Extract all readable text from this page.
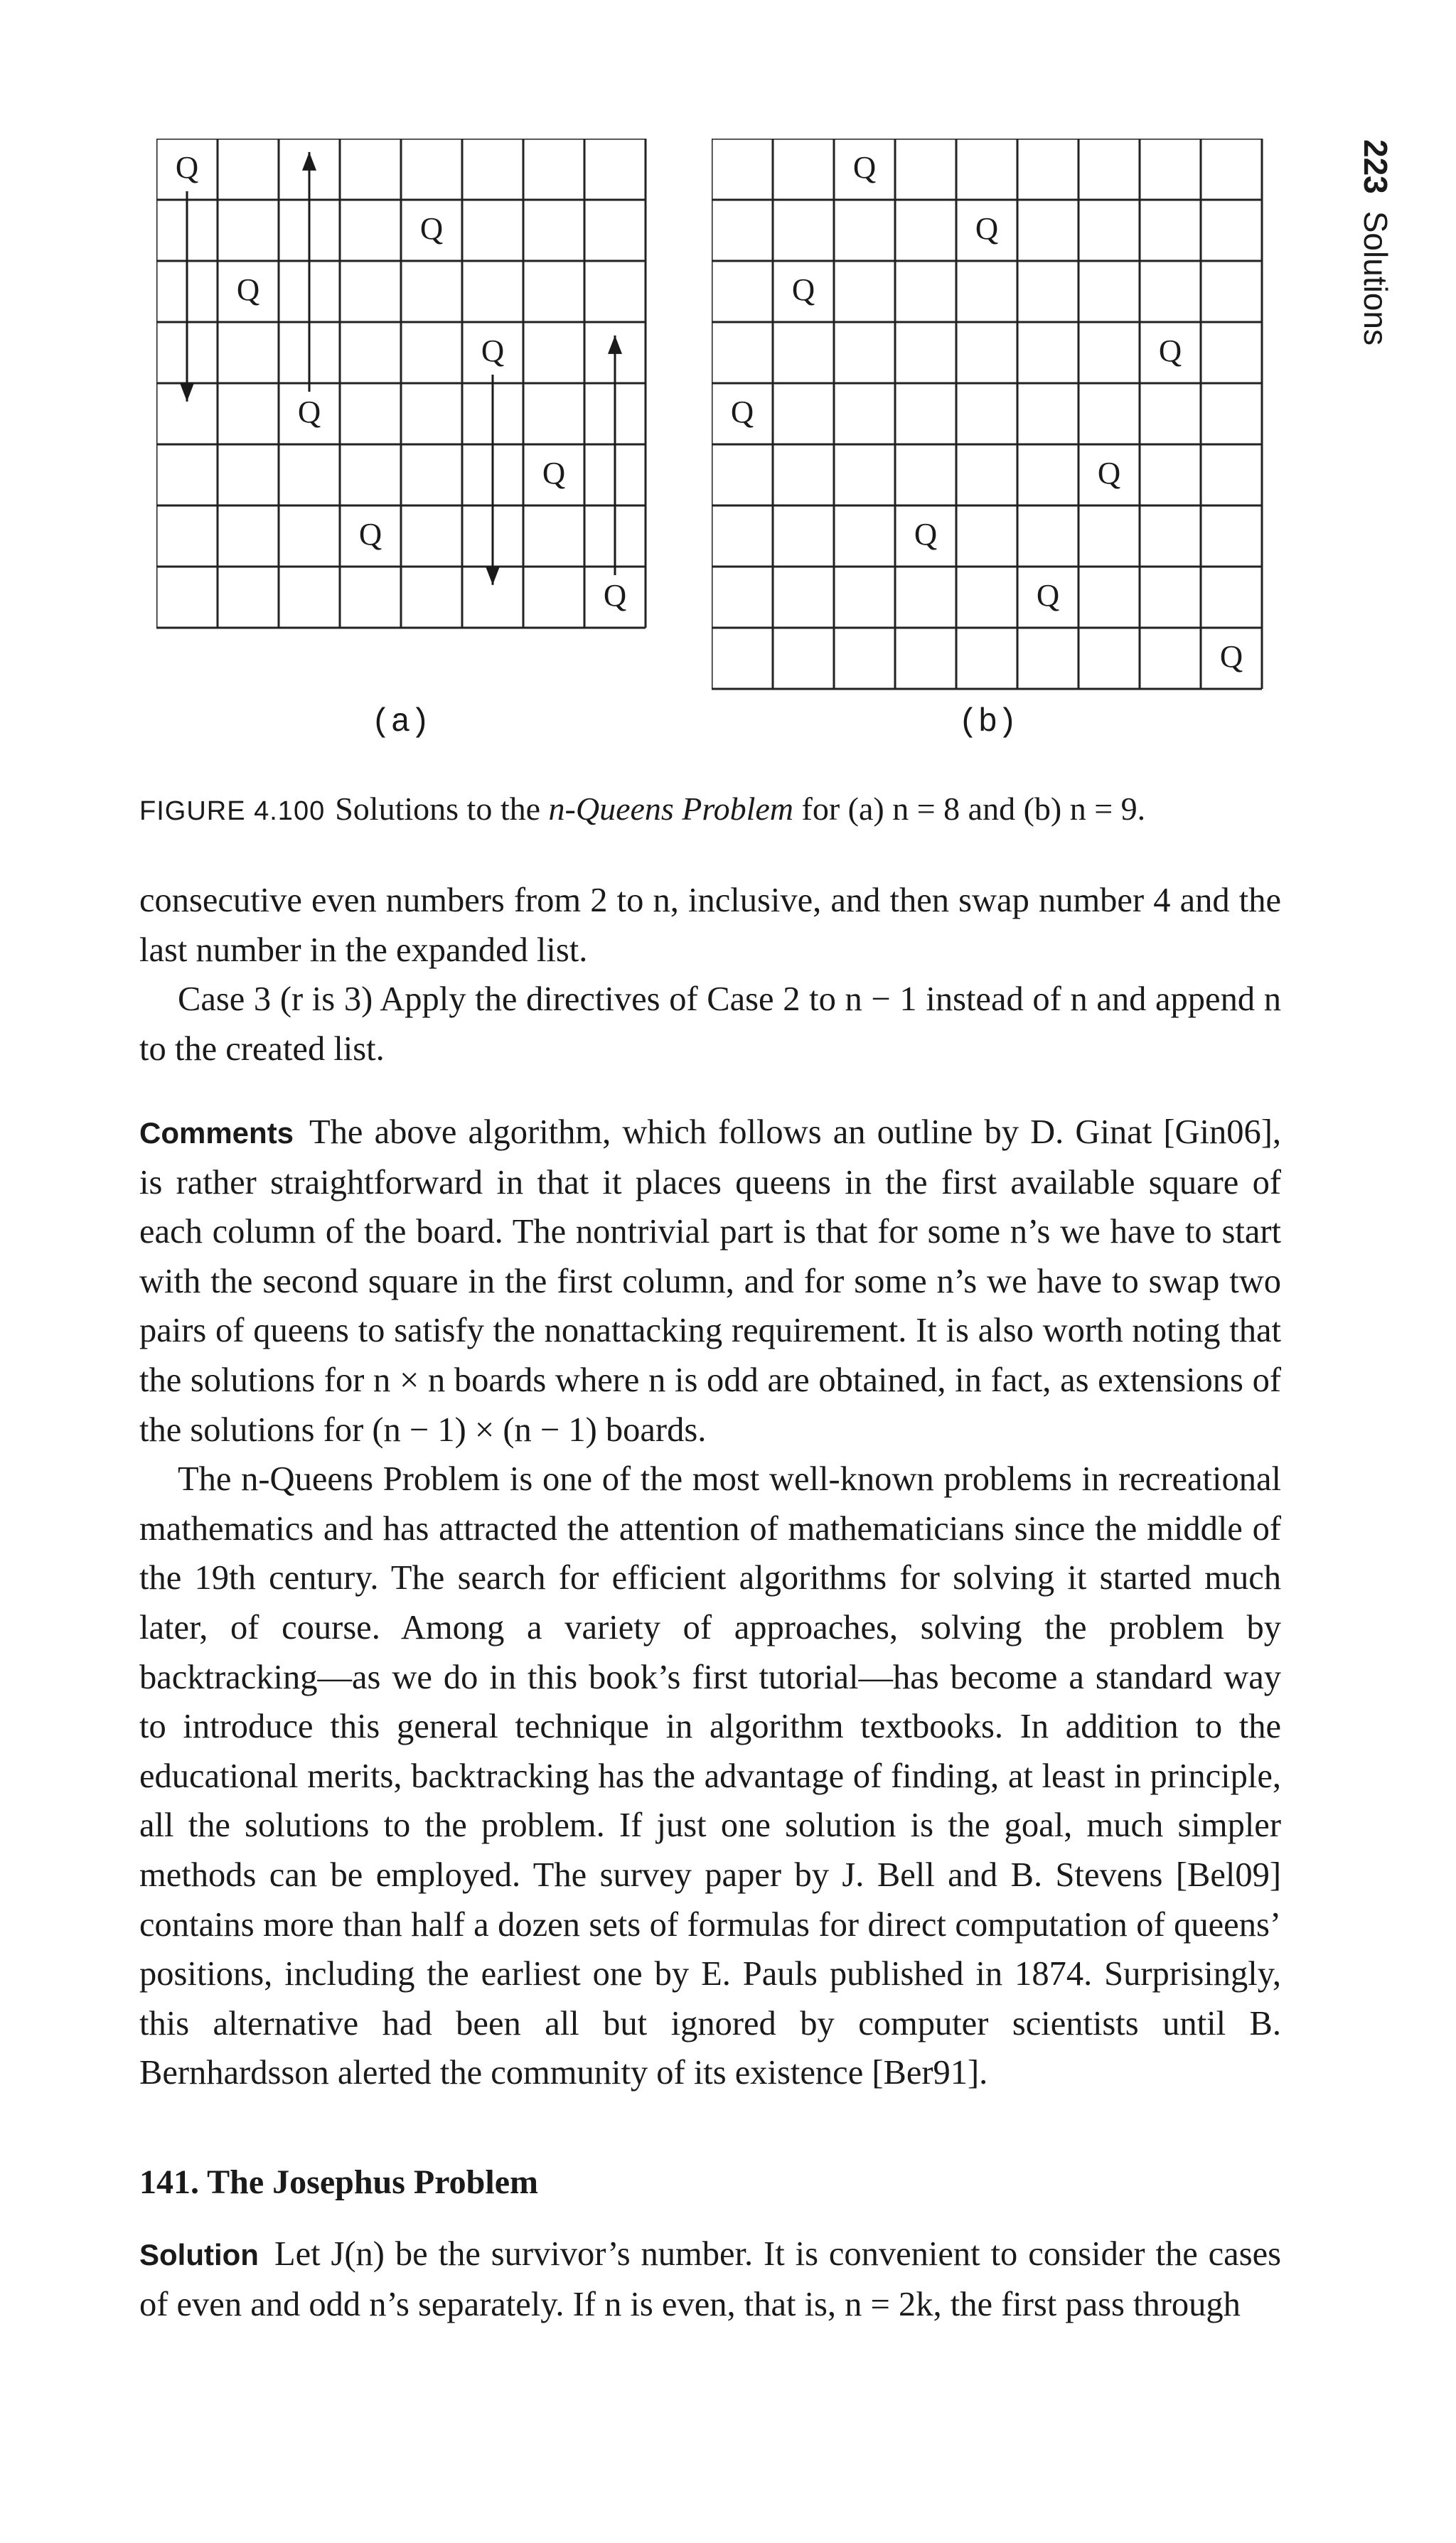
223Solutions
Q
Q
Q
Q
Q
Q
Q
Q
Q
Q
Q
Q
Q
Q
Q
Q
Q
(a)	(b)
FIGURE 4.100 Solutions to the n-Queens Problem for (a) n = 8 and (b) n = 9.

consecutive even numbers from 2 to n, inclusive, and then swap number 4 and the last number in the expanded list.

Case 3 (r is 3) Apply the directives of Case 2 to n − 1 instead of n and append n to the created list.

Comments The above algorithm, which follows an outline by D. Ginat [Gin06], is rather straightforward in that it places queens in the first available square of each column of the board. The nontrivial part is that for some n’s we have to start with the second square in the first column, and for some n’s we have to swap two pairs of queens to satisfy the nonattacking requirement. It is also worth noting that the solutions for n × n boards where n is odd are obtained, in fact, as extensions of the solutions for (n − 1) × (n − 1) boards.

The n-Queens Problem is one of the most well-known problems in recreational mathematics and has attracted the attention of mathematicians since the middle of the 19th century. The search for efficient algorithms for solving it started much later, of course. Among a variety of approaches, solving the problem by backtracking—as we do in this book’s first tutorial—has become a standard way to introduce this general technique in algorithm textbooks. In addition to the educational merits, backtracking has the advantage of finding, at least in principle, all the solutions to the problem. If just one solution is the goal, much simpler methods can be employed. The survey paper by J. Bell and B. Stevens [Bel09] contains more than half a dozen sets of formulas for direct computation of queens’ positions, including the earliest one by E. Pauls published in 1874. Surprisingly, this alternative had been all but ignored by computer scientists until B. Bernhardsson alerted the community of its existence [Ber91].

141. The Josephus Problem

Solution Let J(n) be the survivor’s number. It is convenient to consider the cases of even and odd n’s separately. If n is even, that is, n = 2k, the first pass through
